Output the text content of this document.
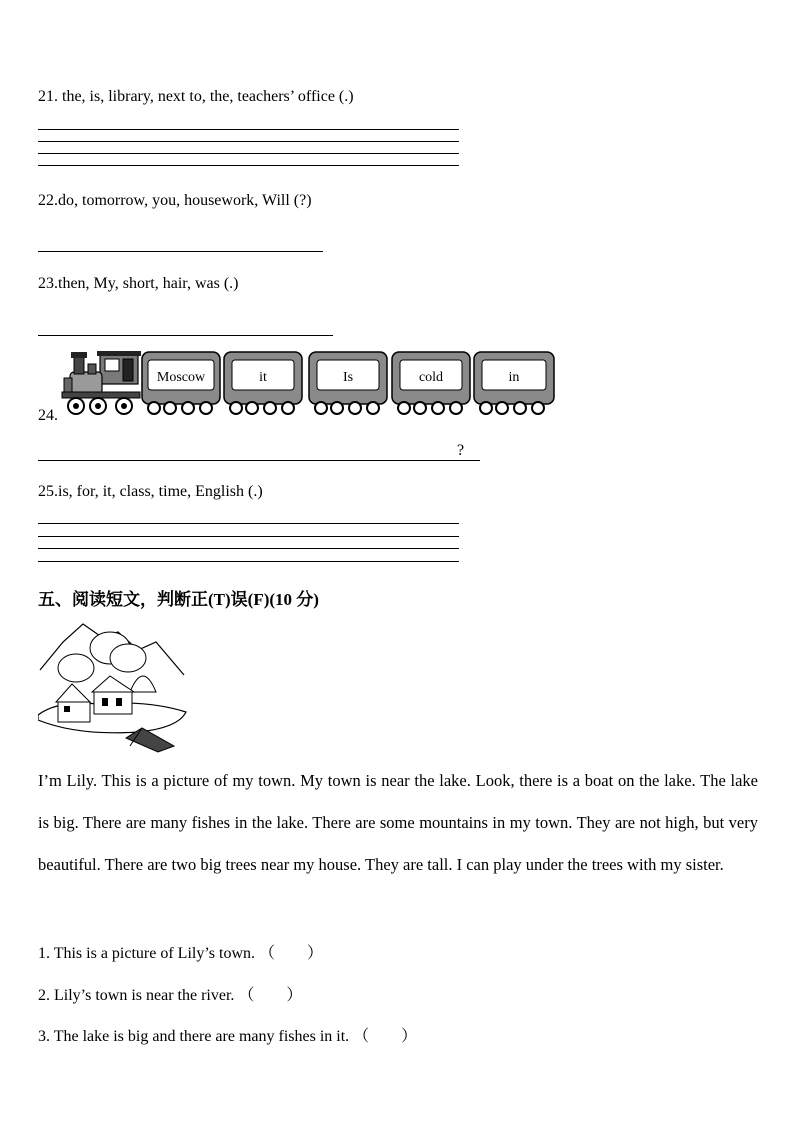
21. the, is, library, next to, the, teachers’ office (.)
22.do, tomorrow, you, housework, Will (?)
23.then, My, short, hair, was (.)
24.
Moscow	it	Is	cold	in
?
25.is, for, it, class, time, English (.)
五、阅读短文，判断正(T)误(F)(10 分)
I’m Lily. This is a picture of my town. My town is near the lake. Look, there is a boat on the lake. The lake is big. There are many fishes in the lake. There are some mountains in my town. They are not high, but very beautiful. There are two big trees near my house. They are tall. I can play under the trees with my sister.
1. This is a picture of Lily’s town. （　　）
2. Lily’s town is near the river. （　　）
3. The lake is big and there are many fishes in it. （　　）
